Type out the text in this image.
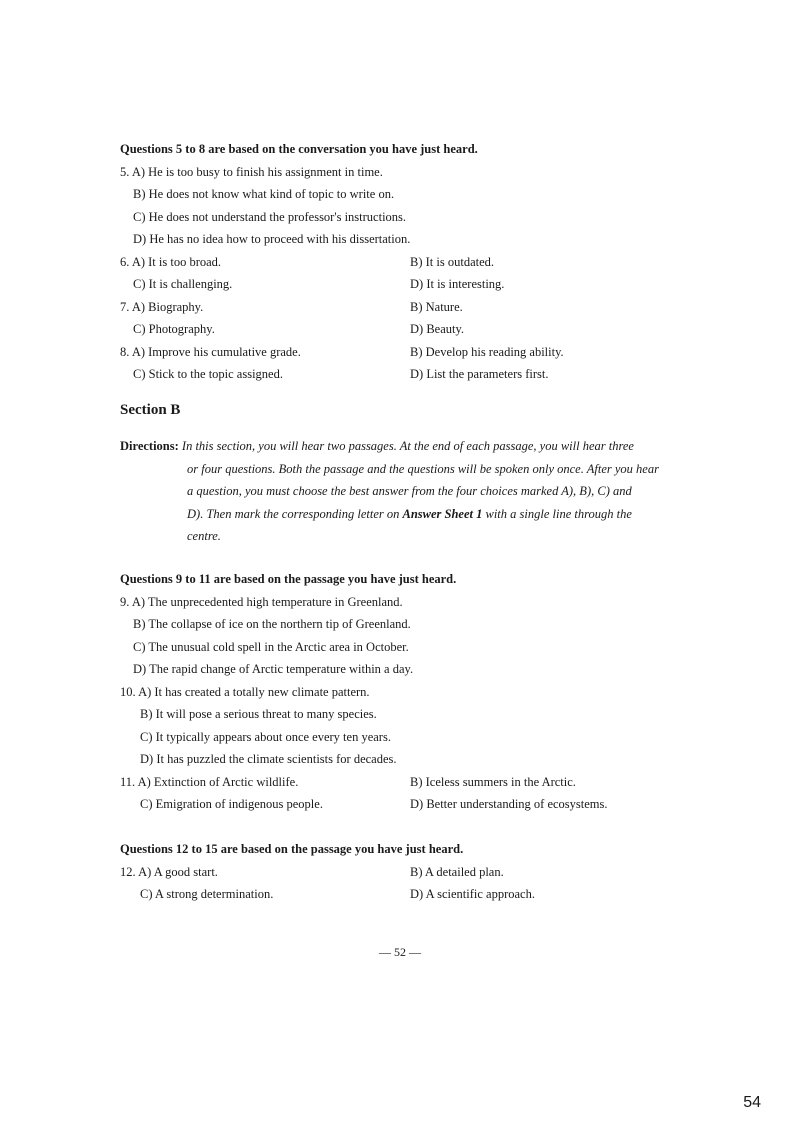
Questions 5 to 8 are based on the conversation you have just heard.
5. A) He is too busy to finish his assignment in time.
B) He does not know what kind of topic to write on.
C) He does not understand the professor's instructions.
D) He has no idea how to proceed with his dissertation.
6. A) It is too broad.	B) It is outdated.
C) It is challenging.	D) It is interesting.
7. A) Biography.	B) Nature.
C) Photography.	D) Beauty.
8. A) Improve his cumulative grade.	B) Develop his reading ability.
C) Stick to the topic assigned.	D) List the parameters first.
Section B
Directions: In this section, you will hear two passages. At the end of each passage, you will hear three
or four questions. Both the passage and the questions will be spoken only once. After you hear
a question, you must choose the best answer from the four choices marked A), B), C) and
D). Then mark the corresponding letter on Answer Sheet 1 with a single line through the
centre.
Questions 9 to 11 are based on the passage you have just heard.
9. A) The unprecedented high temperature in Greenland.
B) The collapse of ice on the northern tip of Greenland.
C) The unusual cold spell in the Arctic area in October.
D) The rapid change of Arctic temperature within a day.
10. A) It has created a totally new climate pattern.
B) It will pose a serious threat to many species.
C) It typically appears about once every ten years.
D) It has puzzled the climate scientists for decades.
11. A) Extinction of Arctic wildlife.	B) Iceless summers in the Arctic.
C) Emigration of indigenous people.	D) Better understanding of ecosystems.
Questions 12 to 15 are based on the passage you have just heard.
12. A) A good start.	B) A detailed plan.
C) A strong determination.	D) A scientific approach.
— 52 —
54
